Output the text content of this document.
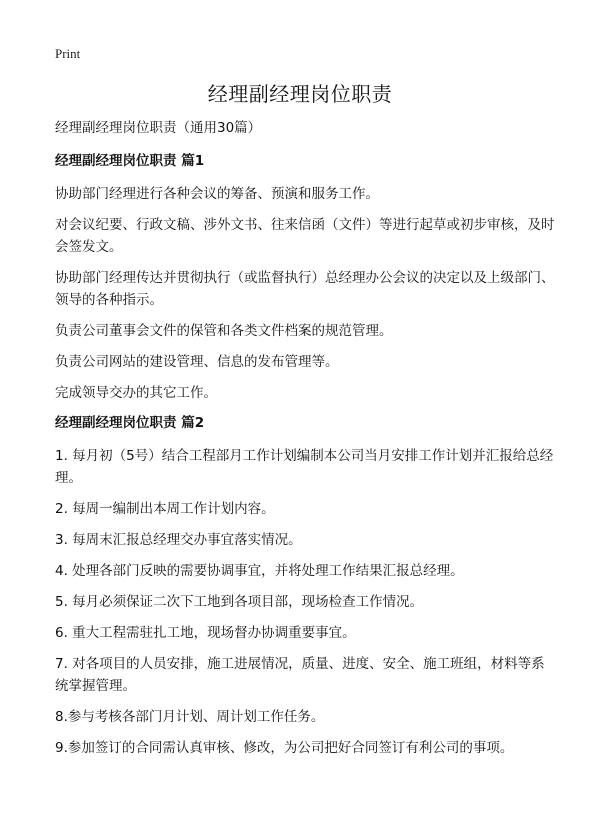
Print
经理副经理岗位职责

经理副经理岗位职责（通用30篇）

经理副经理岗位职责 篇1

协助部门经理进行各种会议的筹备、预演和服务工作。

对会议纪要、行政文稿、涉外文书、往来信函（文件）等进行起草或初步审核，及时会签发文。

协助部门经理传达并贯彻执行（或监督执行）总经理办公会议的决定以及上级部门、领导的各种指示。

负责公司董事会文件的保管和各类文件档案的规范管理。

负责公司网站的建设管理、信息的发布管理等。

完成领导交办的其它工作。

经理副经理岗位职责 篇2

1. 每月初（5号）结合工程部月工作计划编制本公司当月安排工作计划并汇报给总经理。

2. 每周一编制出本周工作计划内容。

3. 每周末汇报总经理交办事宜落实情况。

4. 处理各部门反映的需要协调事宜，并将处理工作结果汇报总经理。

5. 每月必须保证二次下工地到各项目部，现场检查工作情况。

6. 重大工程需驻扎工地，现场督办协调重要事宜。

7. 对各项目的人员安排，施工进展情况，质量、进度、安全、施工班组，材料等系统掌握管理。

8.参与考核各部门月计划、周计划工作任务。

9.参加签订的合同需认真审核、修改，为公司把好合同签订有利公司的事项。
